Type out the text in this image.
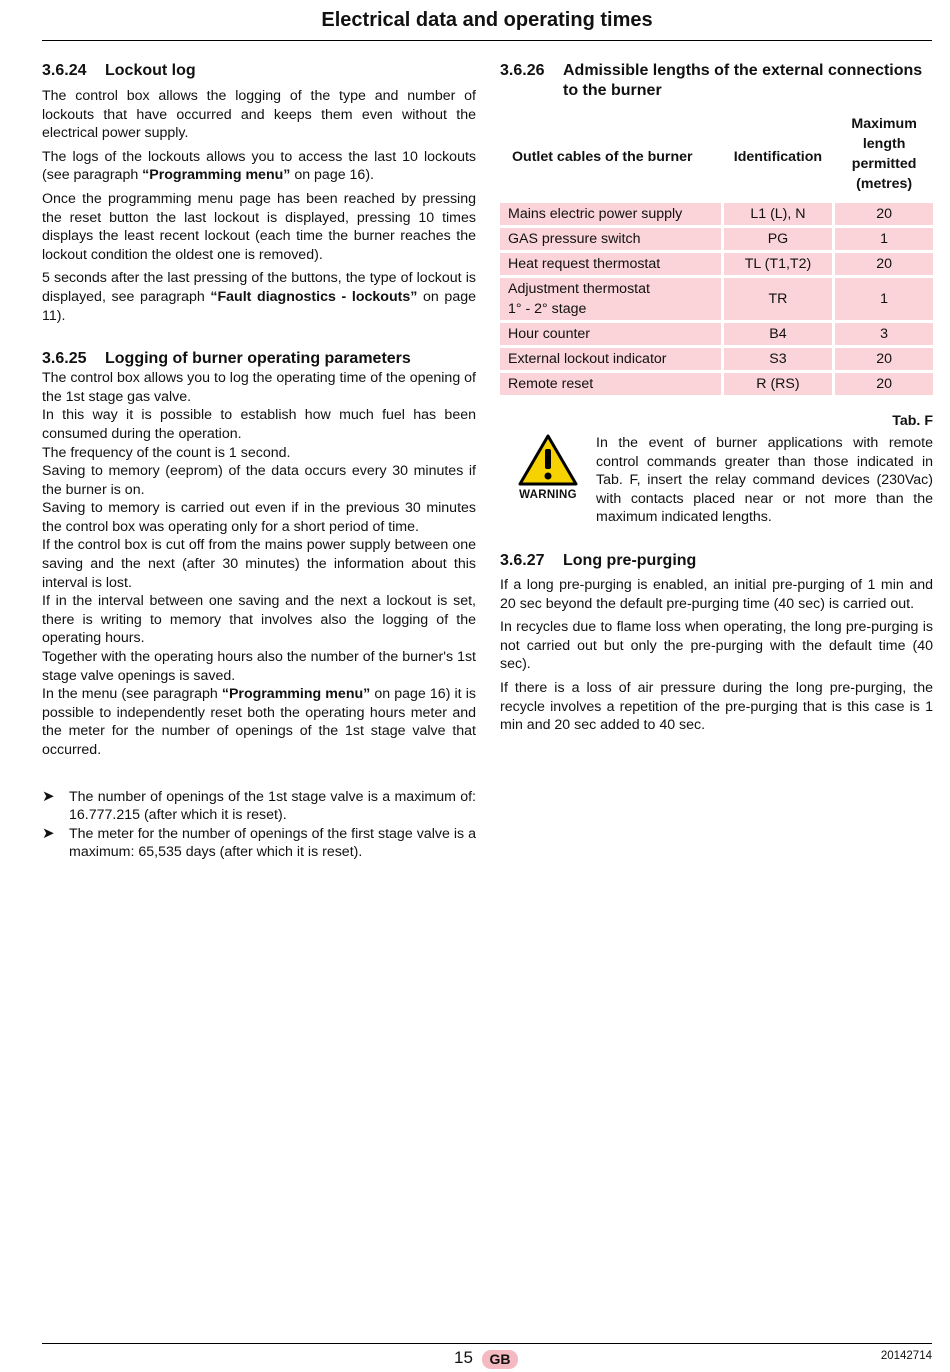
Electrical data and operating times
3.6.24	Lockout log

The control box allows the logging of the type and number of lockouts that have occurred and keeps them even without the electrical power supply.

The logs of the lockouts allows you to access the last 10 lockouts (see paragraph “Programming menu” on page 16).

Once the programming menu page has been reached by pressing the reset button the last lockout is displayed, pressing 10 times displays the least recent lockout (each time the burner reaches the lockout condition the oldest one is removed).

5 seconds after the last pressing of the buttons, the type of lockout is displayed, see paragraph “Fault diagnostics - lockouts” on page 11).

3.6.25	Logging of burner operating parameters

The control box allows you to log the operating time of the opening of the 1st stage gas valve.

In this way it is possible to establish how much fuel has been consumed during the operation.

The frequency of the count is 1 second.

Saving to memory (eeprom) of the data occurs every 30 minutes if the burner is on.

Saving to memory is carried out even if in the previous 30 minutes the control box was operating only for a short period of time.

If the control box is cut off from the mains power supply between one saving and the next (after 30 minutes) the information about this interval is lost.

If in the interval between one saving and the next a lockout is set, there is writing to memory that involves also the logging of the operating hours.

Together with the operating hours also the number of the burner's 1st stage valve openings is saved.

In the menu (see paragraph “Programming menu” on page 16) it is possible to independently reset both the operating hours meter and the meter for the number of openings of the 1st stage valve that occurred.

➤	The number of openings of the 1st stage valve is a maximum of: 16.777.215 (after which it is reset).
➤	The meter for the number of openings of the first stage valve is a maximum: 65,535 days (after which it is reset).
3.6.26	Admissible lengths of the external connections to the burner
Outlet cables of the burner	Identification	Maximum length permitted (metres)
Mains electric power supply	L1 (L), N	20
GAS pressure switch	PG	1
Heat request thermostat	TL (T1,T2)	20
Adjustment thermostat
1° - 2° stage	TR	1
Hour counter	B4	3
External lockout indicator	S3	20
Remote reset	R (RS)	20
Tab. F
WARNING

In the event of burner applications with remote control commands greater than those indicated in Tab. F, insert the relay command devices (230Vac) with contacts placed near or not more than the maximum indicated lengths.

3.6.27	Long pre-purging

If a long pre-purging is enabled, an initial pre-purging of 1 min and 20 sec beyond the default pre-purging time (40 sec) is carried out.

In recycles due to flame loss when operating, the long pre-purging is not carried out but only the pre-purging with the default time (40 sec).

If there is a loss of air pressure during the long pre-purging, the recycle involves a repetition of the pre-purging that is this case is 1 min and 20 sec added to 40 sec.

15	GB	20142714
